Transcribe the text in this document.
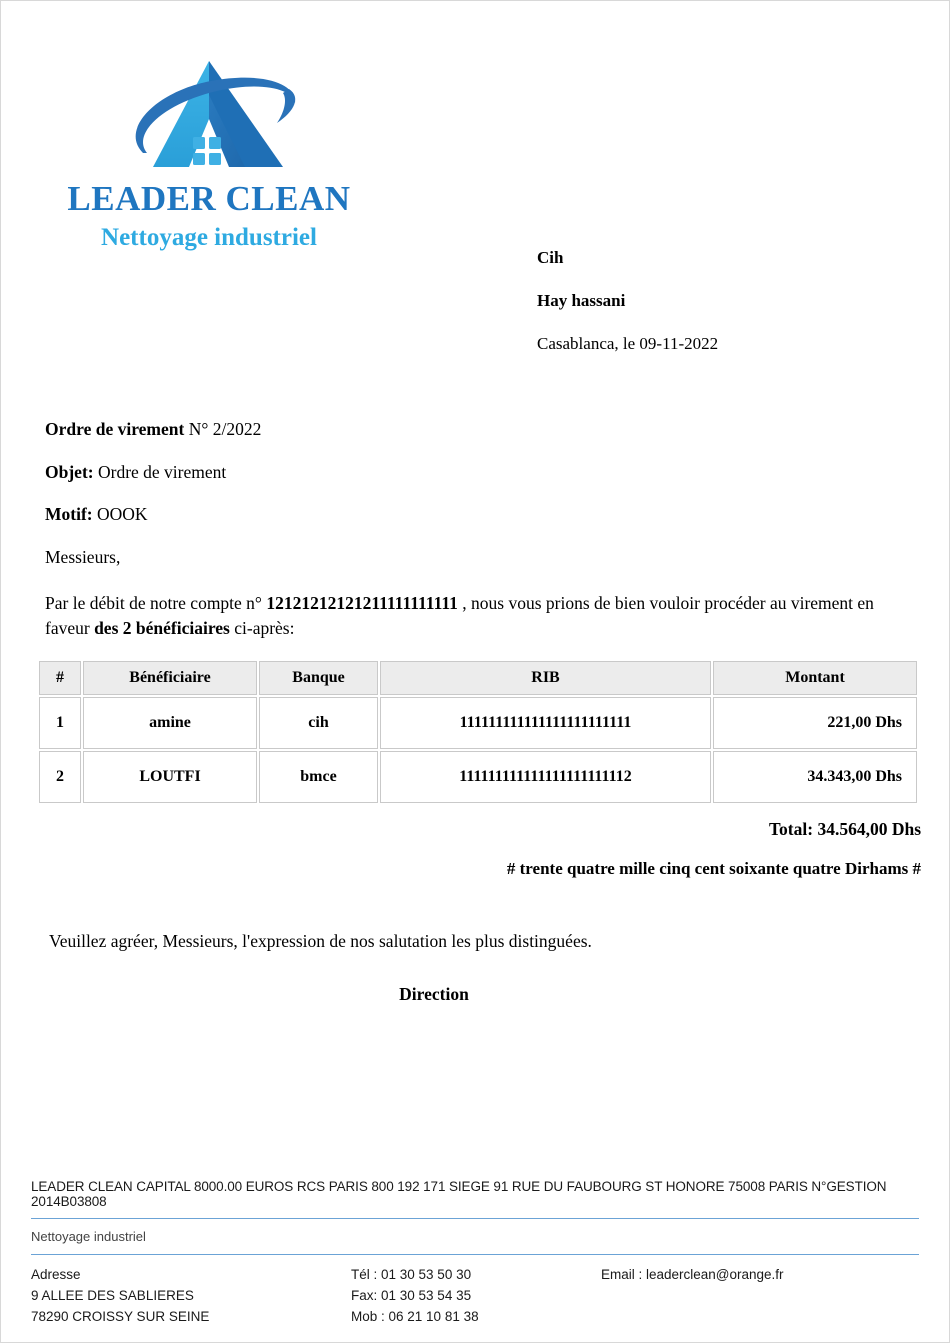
LEADER CLEAN
Nettoyage industriel
Cih
Hay hassani
Casablanca, le 09-11-2022
Ordre de virement N° 2/2022
Objet: Ordre de virement
Motif: OOOK
Messieurs,
Par le débit de notre compte n° 12121212121211111111111 , nous vous prions de bien vouloir procéder au virement en faveur des 2 bénéficiaires ci-après:
#	Bénéficiaire	Banque	RIB	Montant
1	amine	cih	111111111111111111111111	221,00 Dhs
2	LOUTFI	bmce	111111111111111111111112	34.343,00 Dhs
Total: 34.564,00 Dhs
# trente quatre mille cinq cent soixante quatre Dirhams #
Veuillez agréer, Messieurs, l'expression de nos salutation les plus distinguées.
Direction
LEADER CLEAN CAPITAL 8000.00 EUROS RCS PARIS 800 192 171 SIEGE 91 RUE DU FAUBOURG ST HONORE 75008 PARIS N°GESTION 2014B03808
Nettoyage industriel
Adresse
9 ALLEE DES SABLIERES
78290 CROISSY SUR SEINE
Tél : 01 30 53 50 30
Fax: 01 30 53 54 35
Mob : 06 21 10 81 38
Email : leaderclean@orange.fr
